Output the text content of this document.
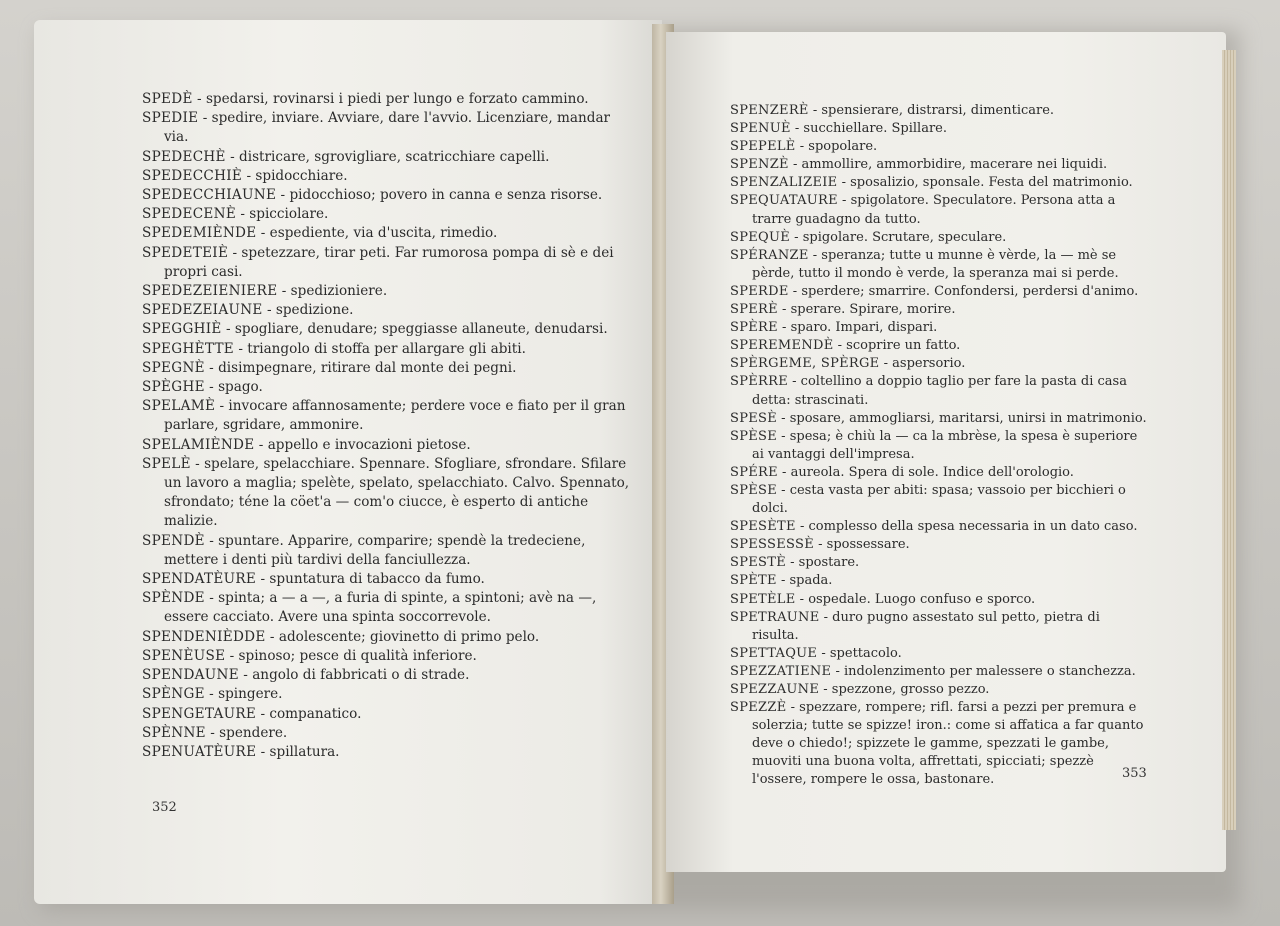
SPEDÈ - spedarsi, rovinarsi i piedi per lungo e forzato cammino.
SPEDIE - spedire, inviare. Avviare, dare l'avvio. Licenziare, mandar via.
SPEDECHÈ - districare, sgrovigliare, scatricchiare capelli.
SPEDECCHIÈ - spidocchiare.
SPEDECCHIAUNE - pidocchioso; povero in canna e senza risorse.
SPEDECENÈ - spicciolare.
SPEDEMIÈNDE - espediente, via d'uscita, rimedio.
SPEDETEIÈ - spetezzare, tirar peti. Far rumorosa pompa di sè e dei propri casi.
SPEDEZEIENIERE - spedizioniere.
SPEDEZEIAUNE - spedizione.
SPEGGHIÈ - spogliare, denudare; speggiasse allaneute, denudarsi.
SPEGHÈTTE - triangolo di stoffa per allargare gli abiti.
SPEGNÈ - disimpegnare, ritirare dal monte dei pegni.
SPÈGHE - spago.
SPELAMÈ - invocare affannosamente; perdere voce e fiato per il gran parlare, sgridare, ammonire.
SPELAMIÈNDE - appello e invocazioni pietose.
SPELÈ - spelare, spelacchiare. Spennare. Sfogliare, sfrondare. Sfilare un lavoro a maglia; spelète, spelato, spelacchiato. Calvo. Spennato, sfrondato; téne la cöet'a — com'o ciucce, è esperto di antiche malizie.
SPENDÈ - spuntare. Apparire, comparire; spendè la tredeciene, mettere i denti più tardivi della fanciullezza.
SPENDATÈURE - spuntatura di tabacco da fumo.
SPÈNDE - spinta; a — a —, a furia di spinte, a spintoni; avè na —, essere cacciato. Avere una spinta soccorrevole.
SPENDENIÈDDE - adolescente; giovinetto di primo pelo.
SPENÈUSE - spinoso; pesce di qualità inferiore.
SPENDAUNE - angolo di fabbricati o di strade.
SPÈNGE - spingere.
SPENGETAURE - companatico.
SPÈNNE - spendere.
SPENUATÈURE - spillatura.
352
SPENZERÈ - spensierare, distrarsi, dimenticare.
SPENUÈ - succhiellare. Spillare.
SPEPELÈ - spopolare.
SPENZÈ - ammollire, ammorbidire, macerare nei liquidi.
SPENZALIZEIE - sposalizio, sponsale. Festa del matrimonio.
SPEQUATAURE - spigolatore. Speculatore. Persona atta a trarre guadagno da tutto.
SPEQUÈ - spigolare. Scrutare, speculare.
SPÉRANZE - speranza; tutte u munne è vèrde, la — mè se pèrde, tutto il mondo è verde, la speranza mai si perde.
SPERDE - sperdere; smarrire. Confondersi, perdersi d'animo.
SPERÈ - sperare. Spirare, morire.
SPÈRE - sparo. Impari, dispari.
SPEREMENDÈ - scoprire un fatto.
SPÈRGEME, SPÈRGE - aspersorio.
SPÈRRE - coltellino a doppio taglio per fare la pasta di casa detta: strascinati.
SPESÈ - sposare, ammogliarsi, maritarsi, unirsi in matrimonio.
SPÈSE - spesa; è chiù la — ca la mbrèse, la spesa è superiore ai vantaggi dell'impresa.
SPÉRE - aureola. Spera di sole. Indice dell'orologio.
SPÈSE - cesta vasta per abiti: spasa; vassoio per bicchieri o dolci.
SPESÈTE - complesso della spesa necessaria in un dato caso.
SPESSESSÈ - spossessare.
SPESTÈ - spostare.
SPÈTE - spada.
SPETÈLE - ospedale. Luogo confuso e sporco.
SPETRAUNE - duro pugno assestato sul petto, pietra di risulta.
SPETTAQUE - spettacolo.
SPEZZATIENE - indolenzimento per malessere o stanchezza.
SPEZZAUNE - spezzone, grosso pezzo.
SPEZZÈ - spezzare, rompere; rifl. farsi a pezzi per premura e solerzia; tutte se spizze! iron.: come si affatica a far quanto deve o chiedo!; spizzete le gamme, spezzati le gambe, muoviti una buona volta, affrettati, spicciati; spezzè l'ossere, rompere le ossa, bastonare.	353
